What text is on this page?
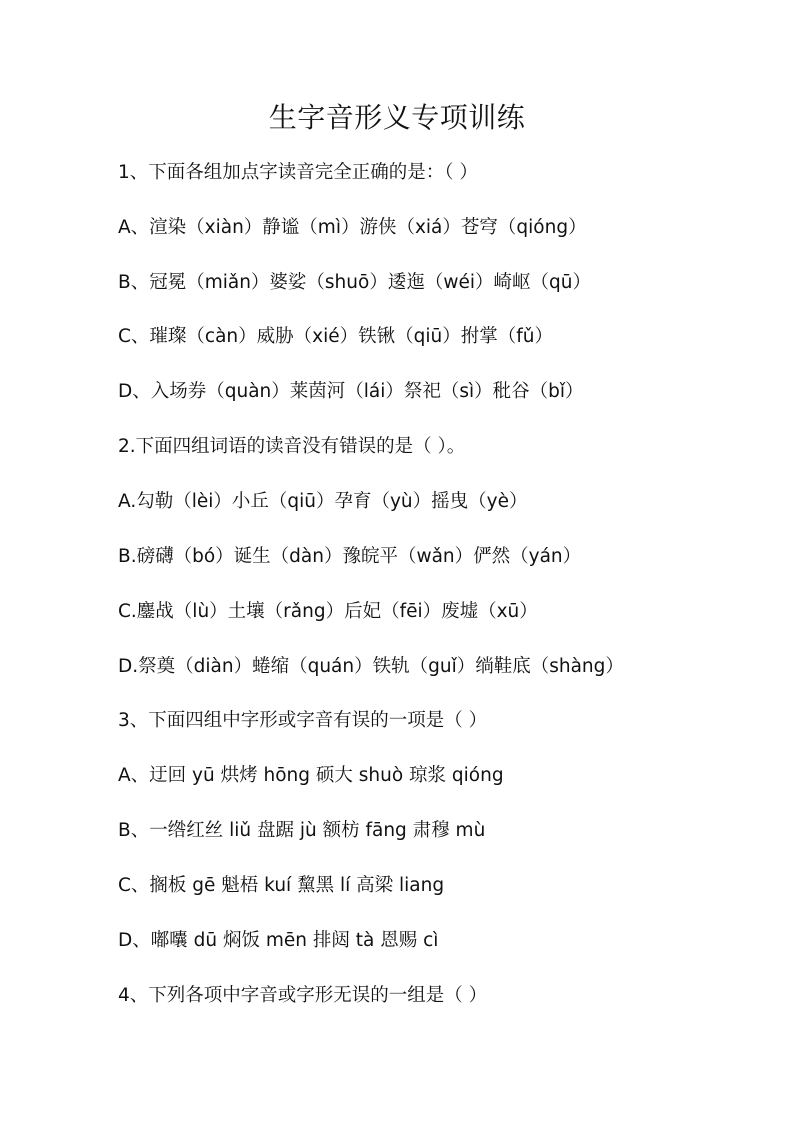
生字音形义专项训练
1、下面各组加点字读音完全正确的是：（ ）
A、渲染（xiàn）静谧（mì）游侠（xiá）苍穹（qióng）
B、冠冕（miǎn）婆娑（shuō）逶迤（wéi）崎岖（qū）
C、璀璨（càn）威胁（xié）铁锹（qiū）拊掌（fǔ）
D、入场券（quàn）莱茵河（lái）祭祀（sì）秕谷（bǐ）
2.下面四组词语的读音没有错误的是（ ）。
A.勾勒（lèi）小丘（qiū）孕育（yù）摇曳（yè）
B.磅礴（bó）诞生（dàn）豫皖平（wǎn）俨然（yán）
C.鏖战（lù）土壤（rǎng）后妃（fēi）废墟（xū）
D.祭奠（diàn）蜷缩（quán）铁轨（guǐ）绱鞋底（shàng）
3、下面四组中字形或字音有误的一项是（ ）
A、迂回 yū 烘烤 hōng 硕大 shuò 琼浆 qióng
B、一绺红丝 liǔ 盘踞 jù 额枋 fāng 肃穆 mù
C、搁板 gē 魁梧 kuí 黧黑 lí 高梁 liang
D、嘟囔 dū 焖饭 mēn 排闼 tà 恩赐 cì
4、下列各项中字音或字形无误的一组是（ ）
